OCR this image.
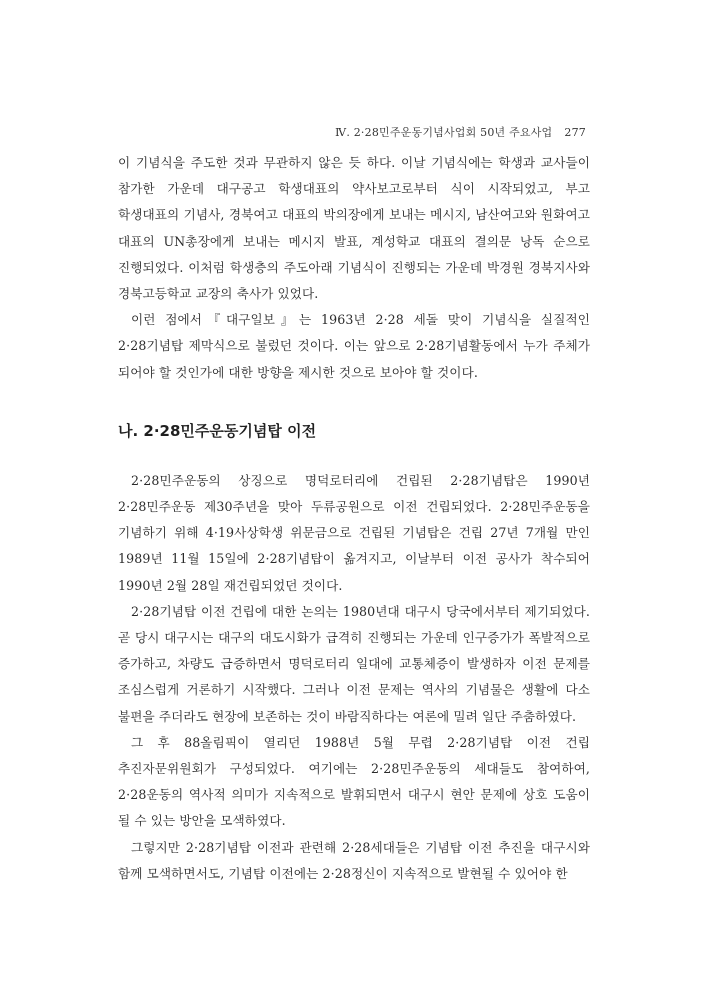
Ⅳ. 2·28민주운동기념사업회 50년 주요사업 277

이 기념식을 주도한 것과 무관하지 않은 듯 하다. 이날 기념식에는 학생과 교사들이 참가한 가운데 대구공고 학생대표의 약사보고로부터 식이 시작되었고, 부고 학생대표의 기념사, 경북여고 대표의 박의장에게 보내는 메시지, 남산여고와 원화여고 대표의 UN총장에게 보내는 메시지 발표, 계성학교 대표의 결의문 낭독 순으로 진행되었다. 이처럼 학생층의 주도아래 기념식이 진행되는 가운데 박경원 경북지사와 경북고등학교 교장의 축사가 있었다.

이런 점에서『대구일보』는 1963년 2·28 세돌 맞이 기념식을 실질적인 2·28기념탑 제막식으로 불렀던 것이다. 이는 앞으로 2·28기념활동에서 누가 주체가 되어야 할 것인가에 대한 방향을 제시한 것으로 보아야 할 것이다.

나. 2·28민주운동기념탑 이전

2·28민주운동의 상징으로 명덕로터리에 건립된 2·28기념탑은 1990년 2·28민주운동 제30주년을 맞아 두류공원으로 이전 건립되었다. 2·28민주운동을 기념하기 위해 4·19사상학생 위문금으로 건립된 기념탑은 건립 27년 7개월 만인 1989년 11월 15일에 2·28기념탑이 옮겨지고, 이날부터 이전 공사가 착수되어 1990년 2월 28일 재건립되었던 것이다.

2·28기념탑 이전 건립에 대한 논의는 1980년대 대구시 당국에서부터 제기되었다. 곧 당시 대구시는 대구의 대도시화가 급격히 진행되는 가운데 인구증가가 폭발적으로 증가하고, 차량도 급증하면서 명덕로터리 일대에 교통체증이 발생하자 이전 문제를 조심스럽게 거론하기 시작했다. 그러나 이전 문제는 역사의 기념물은 생활에 다소 불편을 주더라도 현장에 보존하는 것이 바람직하다는 여론에 밀려 일단 주춤하였다.

그 후 88올림픽이 열리던 1988년 5월 무렵 2·28기념탑 이전 건립 추진자문위원회가 구성되었다. 여기에는 2·28민주운동의 세대들도 참여하여, 2·28운동의 역사적 의미가 지속적으로 발휘되면서 대구시 현안 문제에 상호 도움이 될 수 있는 방안을 모색하였다.

그렇지만 2·28기념탑 이전과 관련해 2·28세대들은 기념탑 이전 추진을 대구시와 함께 모색하면서도, 기념탑 이전에는 2·28정신이 지속적으로 발현될 수 있어야 한
